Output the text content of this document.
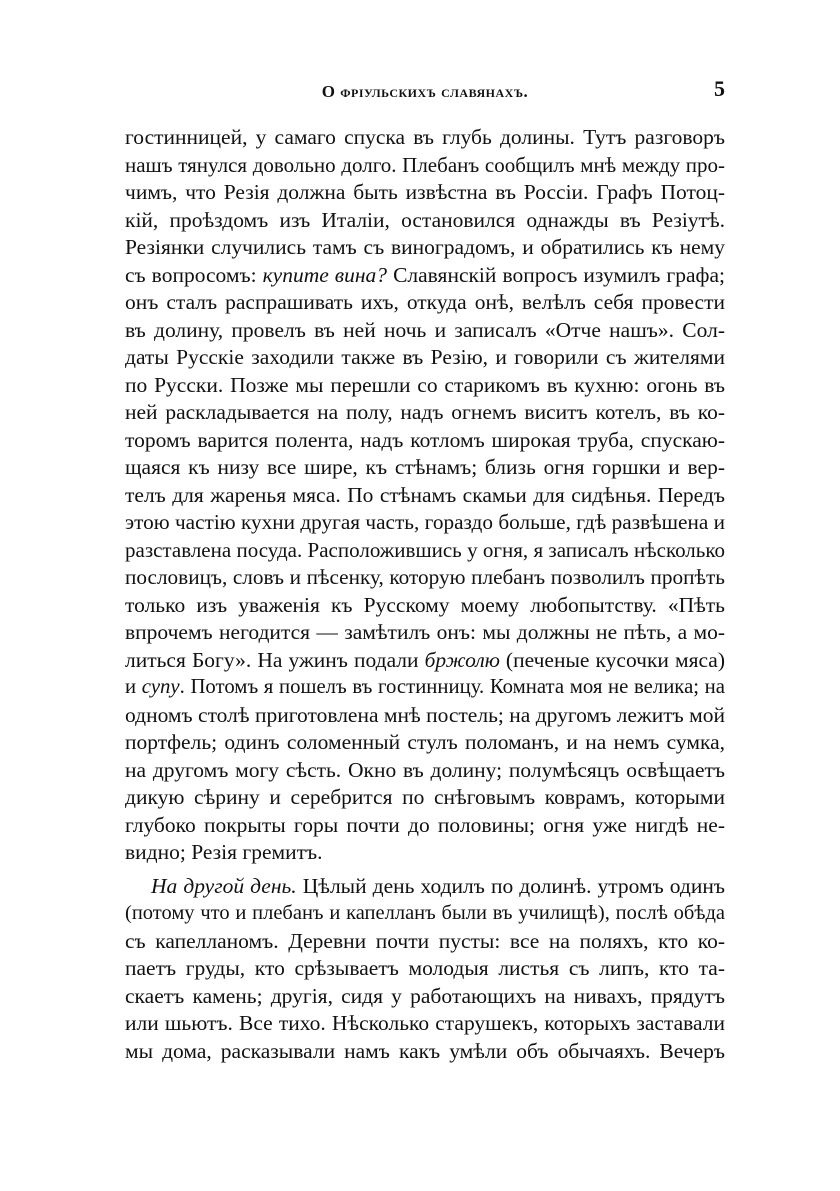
О фріульскихъ славянахъ.	5
гостинницей, у самаго спуска въ глубь долины. Тутъ разговоръ
нашъ тянулся довольно долго. Плебанъ сообщилъ мнѣ между про-
чимъ, что Резія должна быть извѣстна въ Россіи. Графъ Потоц-
кій, проѣздомъ изъ Италіи, остановился однажды въ Резіутѣ.
Резіянки случились тамъ съ виноградомъ, и обратились къ нему
съ вопросомъ: купите вина? Славянскій вопросъ изумилъ графа;
онъ сталъ распрашивать ихъ, откуда онѣ, велѣлъ себя провести
въ долину, провелъ въ ней ночь и записалъ «Отче нашъ». Сол-
даты Русскіе заходили также въ Резію, и говорили съ жителями
по Русски. Позже мы перешли со старикомъ въ кухню: огонь въ
ней раскладывается на полу, надъ огнемъ виситъ котелъ, въ ко-
торомъ варится полента, надъ котломъ широкая труба, спускаю-
щаяся къ низу все шире, къ стѣнамъ; близь огня горшки и вер-
телъ для жаренья мяса. По стѣнамъ скамьи для сидѣнья. Передъ
этою частію кухни другая часть, гораздо больше, гдѣ развѣшена и
разставлена посуда. Расположившись у огня, я записалъ нѣсколько
пословицъ, словъ и пѣсенку, которую плебанъ позволилъ пропѣть
только изъ уваженія къ Русскому моему любопытству. «Пѣть
впрочемъ негодится — замѣтилъ онъ: мы должны не пѣть, а мо-
литься Богу». На ужинъ подали бржолю (печеные кусочки мяса)
и супу. Потомъ я пошелъ въ гостинницу. Комната моя не велика; на
одномъ столѣ приготовлена мнѣ постель; на другомъ лежитъ мой
портфель; одинъ соломенный стулъ поломанъ, и на немъ сумка,
на другомъ могу сѣсть. Окно въ долину; полумѣсяцъ освѣщаетъ
дикую сѣрину и серебрится по снѣговымъ коврамъ, которыми
глубоко покрыты горы почти до половины; огня уже нигдѣ не-
видно; Резія гремитъ.
На другой день. Цѣлый день ходилъ по долинѣ. утромъ одинъ
(потому что и плебанъ и капелланъ были въ училищѣ), послѣ обѣда
съ капелланомъ. Деревни почти пусты: все на поляхъ, кто ко-
паетъ груды, кто срѣзываетъ молодыя листья съ липъ, кто та-
скаетъ камень; другія, сидя у работающихъ на нивахъ, прядутъ
или шьютъ. Все тихо. Нѣсколько старушекъ, которыхъ заставали
мы дома, расказывали намъ какъ умѣли объ обычаяхъ. Вечеръ
